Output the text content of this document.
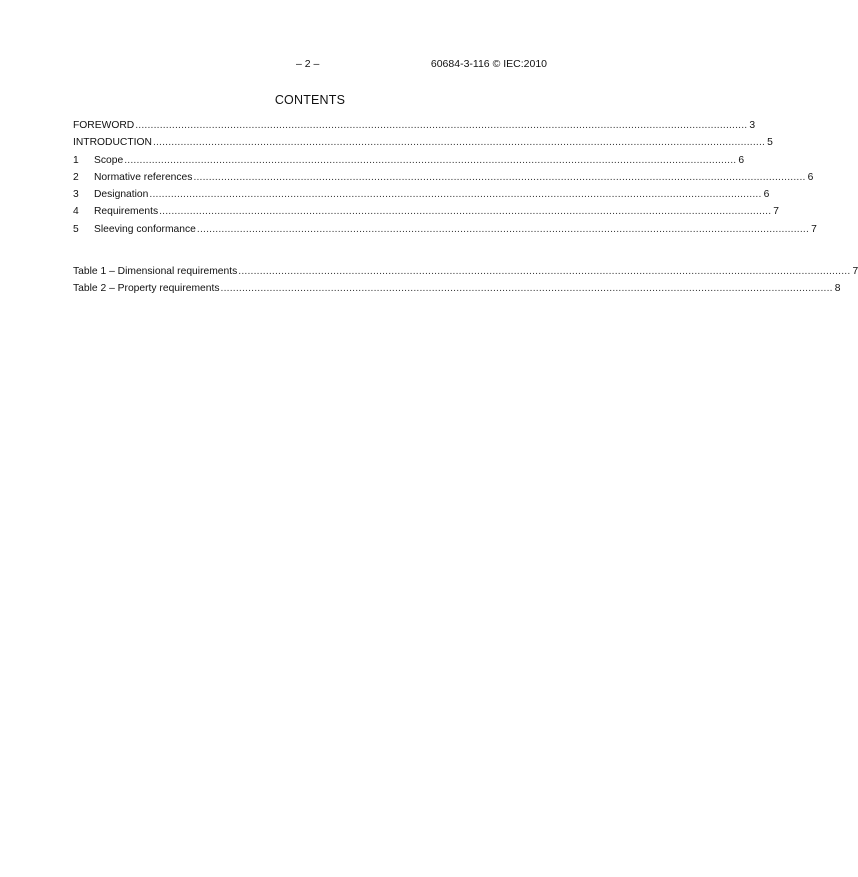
– 2 –	60684-3-116 © IEC:2010
CONTENTS
FOREWORD ........................................................................................................................................................................................................ 3
INTRODUCTION ........................................................................................................................................................................................................ 5
1	Scope ........................................................................................................................................................................................................ 6
2	Normative references ........................................................................................................................................................................................................ 6
3	Designation ........................................................................................................................................................................................................ 6
4	Requirements ........................................................................................................................................................................................................ 7
5	Sleeving conformance ........................................................................................................................................................................................................ 7
Table 1 – Dimensional requirements ........................................................................................................................................................................................................ 7
Table 2 – Property requirements ........................................................................................................................................................................................................ 8
